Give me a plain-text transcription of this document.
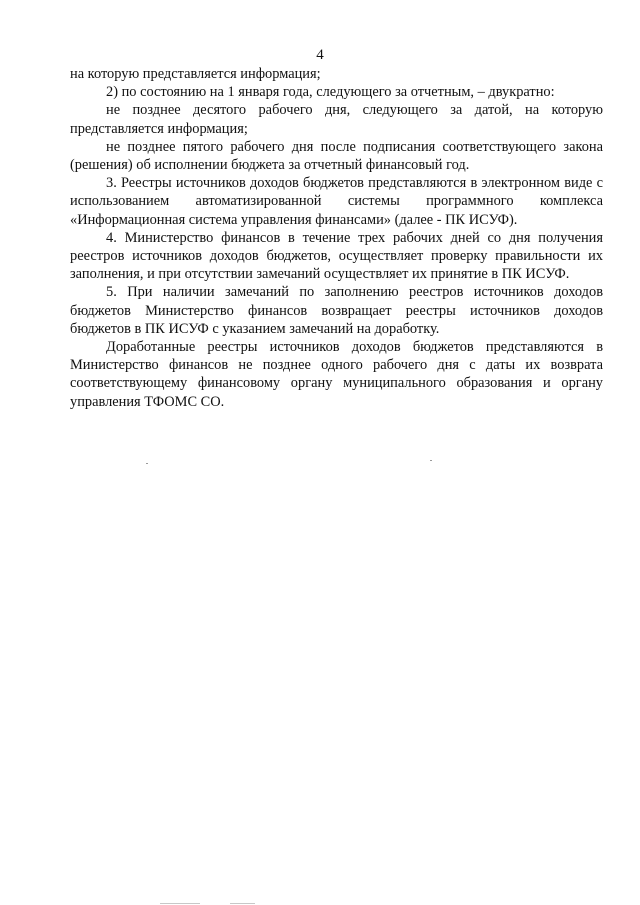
4

на которую представляется информация;

2) по состоянию на 1 января года, следующего за отчетным, – двукратно:

не позднее десятого рабочего дня, следующего за датой, на которую представляется информация;

не позднее пятого рабочего дня после подписания соответствующего закона (решения) об исполнении бюджета за отчетный финансовый год.

3. Реестры источников доходов бюджетов представляются в электронном виде с использованием автоматизированной системы программного комплекса «Информационная система управления финансами» (далее - ПК ИСУФ).

4. Министерство финансов в течение трех рабочих дней со дня получения реестров источников доходов бюджетов, осуществляет проверку правильности их заполнения, и при отсутствии замечаний осуществляет их принятие в ПК ИСУФ.

5. При наличии замечаний по заполнению реестров источников доходов бюджетов Министерство финансов возвращает реестры источников доходов бюджетов в ПК ИСУФ с указанием замечаний на доработку.

Доработанные реестры источников доходов бюджетов представляются в Министерство финансов не позднее одного рабочего дня с даты их возврата соответствующему финансовому органу муниципального образования и органу управления ТФОМС СО.
